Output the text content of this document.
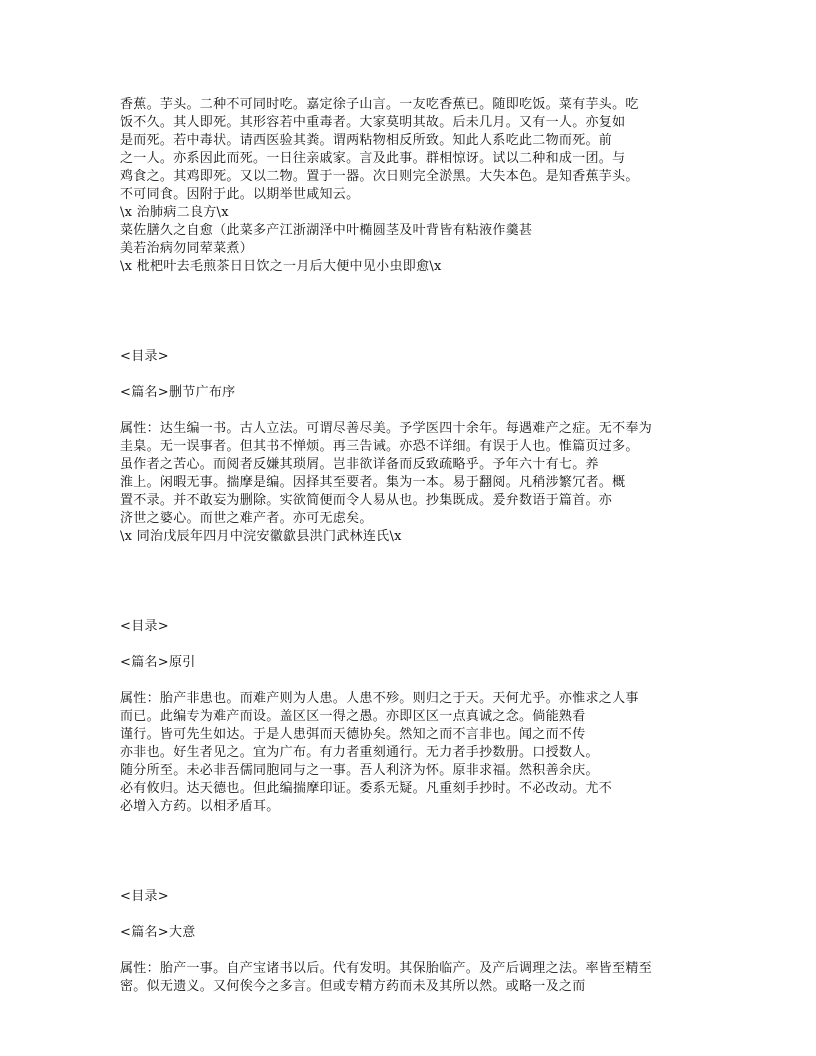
香蕉。芋头。二种不可同时吃。嘉定徐子山言。一友吃香蕉已。随即吃饭。菜有芋头。吃
饭不久。其人即死。其形容若中重毒者。大家莫明其故。后未几月。又有一人。亦复如
是而死。若中毒状。请西医验其粪。谓两粘物相反所致。知此人系吃此二物而死。前
之一人。亦系因此而死。一日往亲戚家。言及此事。群相惊讶。试以二种和成一团。与
鸡食之。其鸡即死。又以二物。置于一器。次日则完全淤黑。大失本色。是知香蕉芋头。
不可同食。因附于此。以期举世咸知云。
\x 治肺病二良方\x
菜佐膳久之自愈（此菜多产江浙湖泽中叶椭圆茎及叶背皆有粘液作羹甚
美若治病勿同荤菜煮）
\x 枇杷叶去毛煎茶日日饮之一月后大便中见小虫即愈\x
<目录>
<篇名>删节广布序
属性：达生编一书。古人立法。可谓尽善尽美。予学医四十余年。每遇难产之症。无不奉为
圭臬。无一误事者。但其书不惮烦。再三告诫。亦恐不详细。有误于人也。惟篇页过多。
虽作者之苦心。而阅者反嫌其琐屑。岂非欲详备而反致疏略乎。予年六十有七。养
淮上。闲暇无事。揣摩是编。因择其至要者。集为一本。易于翻阅。凡稍涉繁冗者。概
置不录。并不敢妄为删除。实欲简便而令人易从也。抄集既成。爰弁数语于篇首。亦
济世之婆心。而世之难产者。亦可无虑矣。
\x 同治戊辰年四月中浣安徽歙县洪门武林连氏\x
<目录>
<篇名>原引
属性：胎产非患也。而难产则为人患。人患不殄。则归之于天。天何尤乎。亦惟求之人事
而已。此编专为难产而设。盖区区一得之愚。亦即区区一点真诚之念。倘能熟看
谨行。皆可先生如达。于是人患弭而天德协矣。然知之而不言非也。闻之而不传
亦非也。好生者见之。宜为广布。有力者重刻通行。无力者手抄数册。口授数人。
随分所至。未必非吾儒同胞同与之一事。吾人利济为怀。原非求福。然积善余庆。
必有攸归。达天德也。但此编揣摩印证。委系无疑。凡重刻手抄时。不必改动。尤不
必增入方药。以相矛盾耳。
<目录>
<篇名>大意
属性：胎产一事。自产宝诸书以后。代有发明。其保胎临产。及产后调理之法。率皆至精至
密。似无遗义。又何俟今之多言。但或专精方药而未及其所以然。或略一及之而
